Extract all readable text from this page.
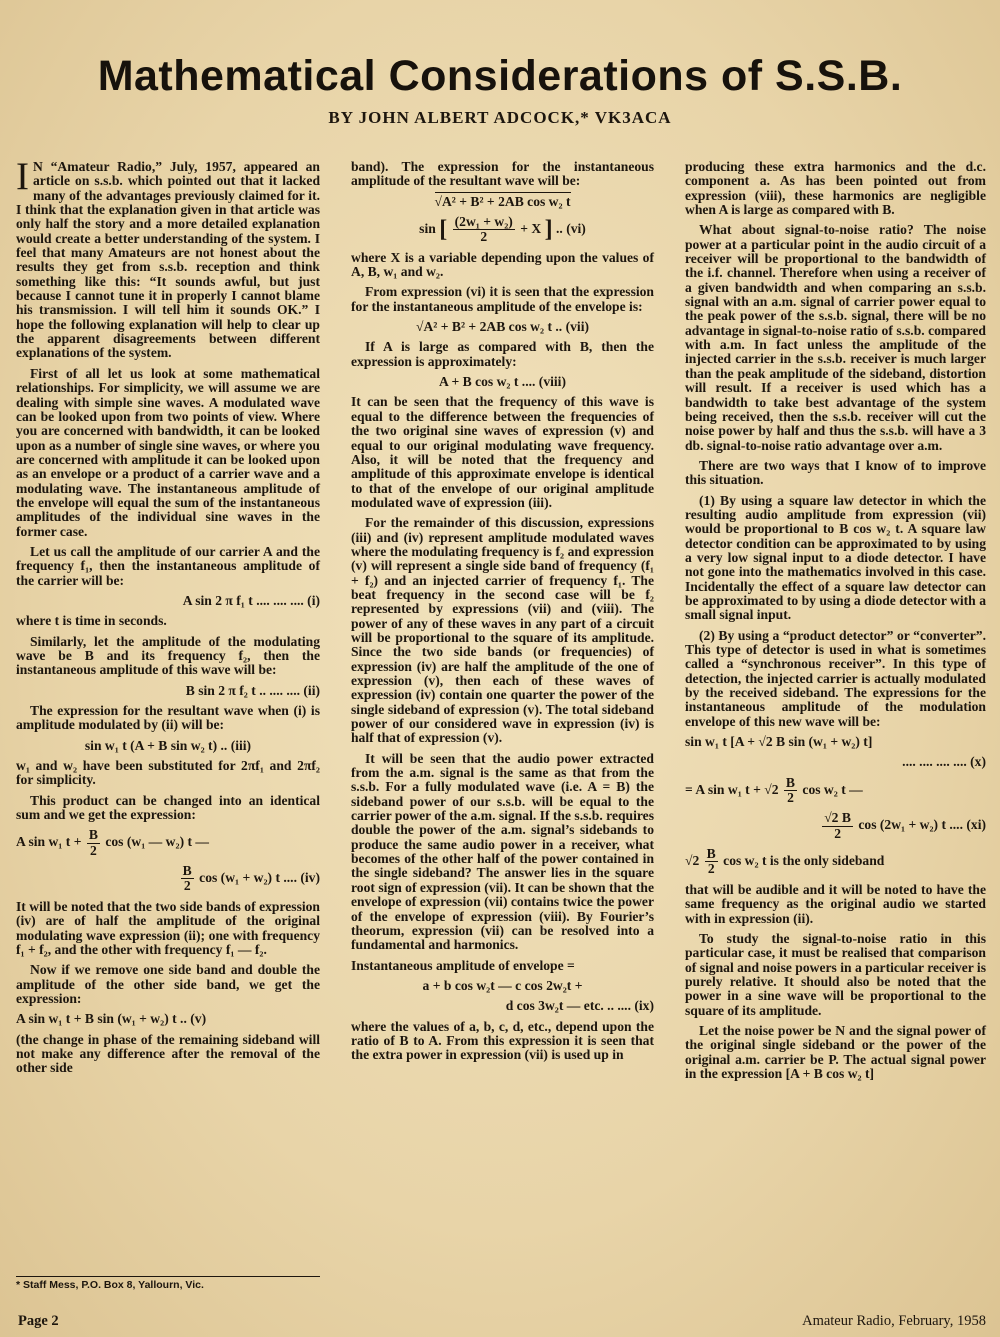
Mathematical Considerations of S.S.B.
BY JOHN ALBERT ADCOCK,* VK3ACA

I N “Amateur Radio,” July, 1957, appeared an article on s.s.b. which pointed out that it lacked many of the advantages previously claimed for it. I think that the explanation given in that article was only half the story and a more detailed explanation would create a better understanding of the system. I feel that many Amateurs are not honest about the results they get from s.s.b. reception and think something like this: “It sounds awful, but just because I cannot tune it in properly I cannot blame his transmission. I will tell him it sounds OK.” I hope the following explanation will help to clear up the apparent disagreements between different explanations of the system.

First of all let us look at some mathematical relationships. For simplicity, we will assume we are dealing with simple sine waves. A modulated wave can be looked upon from two points of view. Where you are concerned with bandwidth, it can be looked upon as a number of single sine waves, or where you are concerned with amplitude it can be looked upon as an envelope or a product of a carrier wave and a modulating wave. The instantaneous amplitude of the envelope will equal the sum of the instantaneous amplitudes of the individual sine waves in the former case.

Let us call the amplitude of our carrier A and the frequency f₁, then the instantaneous amplitude of the carrier will be:

A sin 2 π f₁ t .... .... .... (i)

where t is time in seconds.

Similarly, let the amplitude of the modulating wave be B and its frequency f₂, then the instantaneous amplitude of this wave will be:

B sin 2 π f₂ t .. .... .... (ii)

The expression for the resultant wave when (i) is amplitude modulated by (ii) will be:

sin w₁ t (A + B sin w₂ t) .. (iii)

w₁ and w₂ have been substituted for 2πf₁ and 2πf₂ for simplicity.

This product can be changed into an identical sum and we get the expression:

A sin w₁ $t + \frac{B}{2}$ cos (w₁ — w₂) t —
$\frac{B}{2}$ cos (w₁ + w₂) t .... (iv)

It will be noted that the two side bands of expression (iv) are of half the amplitude of the original modulating wave expression (ii); one with frequency f₁ + f₂, and the other with frequency f₁ — f₂.

Now if we remove one side band and double the amplitude of the other side band, we get the expression:

A sin w₁ t + B sin (w₁ + w₂) t .. (v)

(the change in phase of the remaining sideband will not make any difference after the removal of the other side

* Staff Mess, P.O. Box 8, Yallourn, Vic.

band). The expression for the instantaneous amplitude of the resultant wave will be:

√A² + B² + 2AB cos w₂ t
sin [ $\frac{\text{(2w₁ + w₂)}}{2} + X$ ] .. (vi)

where X is a variable depending upon the values of A, B, w₁ and w₂.

From expression (vi) it is seen that the expression for the instantaneous amplitude of the envelope is:

√A² + B² + 2AB cos w₂ t .. (vii)

If A is large as compared with B, then the expression is approximately:

A + B cos w₂ t .... (viii)

It can be seen that the frequency of this wave is equal to the difference between the frequencies of the two original sine waves of expression (v) and equal to our original modulating wave frequency. Also, it will be noted that the frequency and amplitude of this approximate envelope is identical to that of the envelope of our original amplitude modulated wave of expression (iii).

For the remainder of this discussion, expressions (iii) and (iv) represent amplitude modulated waves where the modulating frequency is f₂ and expression (v) will represent a single side band of frequency (f₁ + f₂) and an injected carrier of frequency f₁. The beat frequency in the second case will be f₂ represented by expressions (vii) and (viii). The power of any of these waves in any part of a circuit will be proportional to the square of its amplitude. Since the two side bands (or frequencies) of expression (iv) are half the amplitude of the one of expression (v), then each of these waves of expression (iv) contain one quarter the power of the single sideband of expression (v). The total sideband power of our considered wave in expression (iv) is half that of expression (v).

It will be seen that the audio power extracted from the a.m. signal is the same as that from the s.s.b. For a fully modulated wave (i.e. A = B) the sideband power of our s.s.b. will be equal to the carrier power of the a.m. signal. If the s.s.b. requires double the power of the a.m. signal’s sidebands to produce the same audio power in a receiver, what becomes of the other half of the power contained in the single sideband? The answer lies in the square root sign of expression (vii). It can be shown that the envelope of expression (vii) contains twice the power of the envelope of expression (viii). By Fourier’s theorum, expression (vii) can be resolved into a fundamental and harmonics.

Instantaneous amplitude of envelope =

a + b cos w₂t — c cos 2w₂t +
d cos 3w₂t — etc. .. .... (ix)

where the values of a, b, c, d, etc., depend upon the ratio of B to A. From this expression it is seen that the extra power in expression (vii) is used up in

producing these extra harmonics and the d.c. component a. As has been pointed out from expression (viii), these harmonics are negligible when A is large as compared with B.

What about signal-to-noise ratio? The noise power at a particular point in the audio circuit of a receiver will be proportional to the bandwidth of the i.f. channel. Therefore when using a receiver of a given bandwidth and when comparing an s.s.b. signal with an a.m. signal of carrier power equal to the peak power of the s.s.b. signal, there will be no advantage in signal-to-noise ratio of s.s.b. compared with a.m. In fact unless the amplitude of the injected carrier in the s.s.b. receiver is much larger than the peak amplitude of the sideband, distortion will result. If a receiver is used which has a bandwidth to take best advantage of the system being received, then the s.s.b. receiver will cut the noise power by half and thus the s.s.b. will have a 3 db. signal-to-noise ratio advantage over a.m.

There are two ways that I know of to improve this situation.

(1) By using a square law detector in which the resulting audio amplitude from expression (vii) would be proportional to B cos w₂ t. A square law detector condition can be approximated to by using a very low signal input to a diode detector. I have not gone into the mathematics involved in this case. Incidentally the effect of a square law detector can be approximated to by using a diode detector with a small signal input.

(2) By using a “product detector” or “converter”. This type of detector is used in what is sometimes called a “synchronous receiver”. In this type of detection, the injected carrier is actually modulated by the received sideband. The expressions for the instantaneous amplitude of the modulation envelope of this new wave will be:

sin w₁ t [A + √2 B sin (w₁ + w₂) t]
.... .... .... .... (x)
= A sin w₁ $t + √2 \frac{B}{2}$ cos w₂ t —
$\frac{√2 B}{2}$ cos (2w₁ + w₂) t .... (xi)
$√2 \frac{B}{2}$ cos w₂ t is the only sideband

that will be audible and it will be noted to have the same frequency as the original audio we started with in expression (ii).

To study the signal-to-noise ratio in this particular case, it must be realised that comparison of signal and noise powers in a particular receiver is purely relative. It should also be noted that the power in a sine wave will be proportional to the square of its amplitude.

Let the noise power be N and the signal power of the original single sideband or the power of the original a.m. carrier be P. The actual signal power in the expression [A + B cos w₂ t]

Page 2	Amateur Radio, February, 1958
